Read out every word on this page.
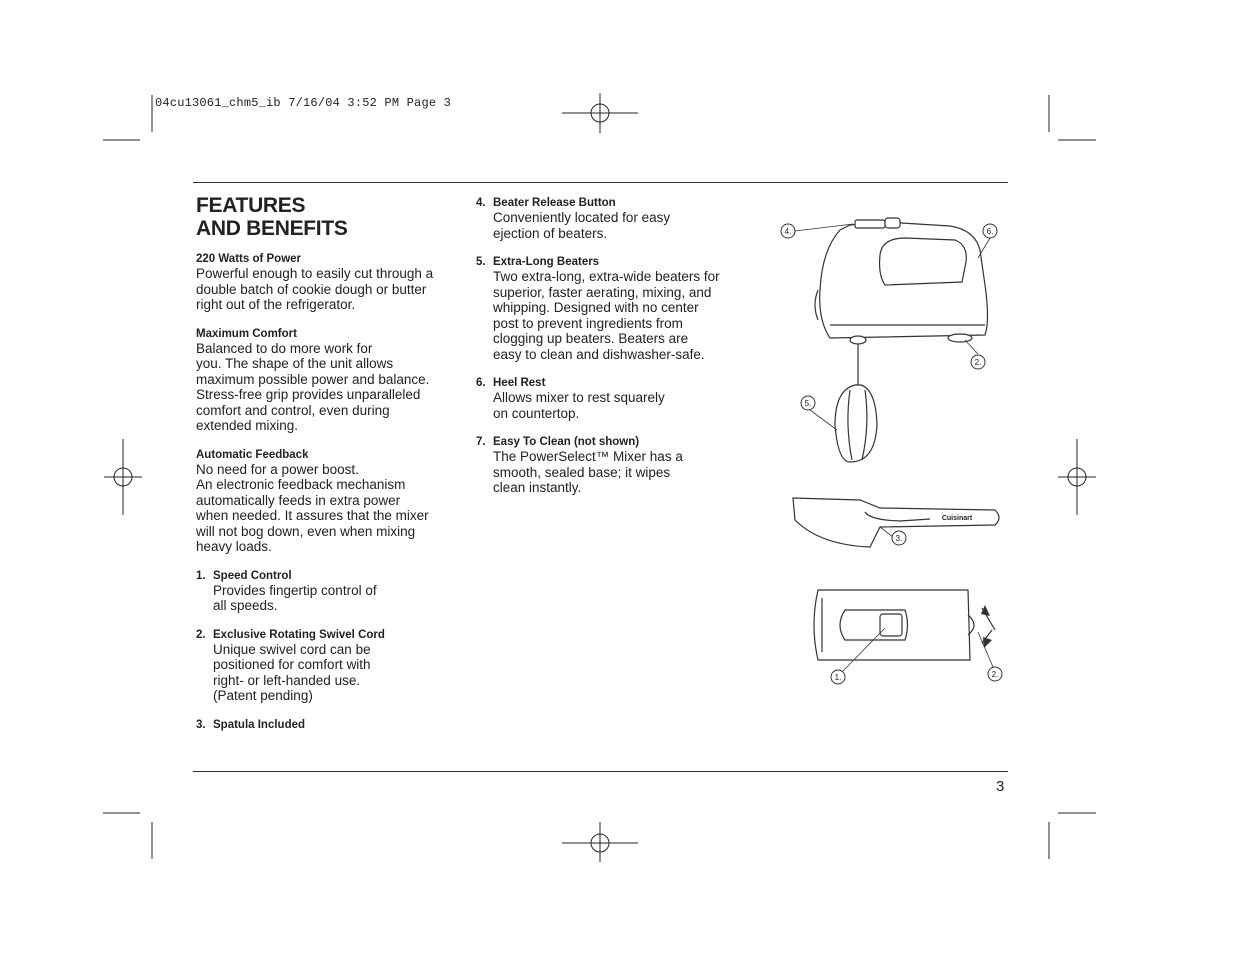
4.	6.
2.
5.
3.
1.	2.
Cuisinart
04cu13061_chm5_ib 7/16/04 3:52 PM Page 3
FEATURES
AND BENEFITS
220 Watts of Power
Powerful enough to easily cut through a
double batch of cookie dough or butter
right out of the refrigerator.
Maximum Comfort
Balanced to do more work for
you. The shape of the unit allows
maximum possible power and balance.
Stress-free grip provides unparalleled
comfort and control, even during
extended mixing.
Automatic Feedback
No need for a power boost.
An electronic feedback mechanism
automatically feeds in extra power
when needed. It assures that the mixer
will not bog down, even when mixing
heavy loads.
1. Speed Control
Provides fingertip control of
all speeds.
2. Exclusive Rotating Swivel Cord
Unique swivel cord can be
positioned for comfort with
right- or left-handed use.
(Patent pending)
3. Spatula Included
4. Beater Release Button
Conveniently located for easy
ejection of beaters.
5. Extra-Long Beaters
Two extra-long, extra-wide beaters for
superior, faster aerating, mixing, and
whipping. Designed with no center
post to prevent ingredients from
clogging up beaters. Beaters are
easy to clean and dishwasher-safe.
6. Heel Rest
Allows mixer to rest squarely
on countertop.
7. Easy To Clean (not shown)
The PowerSelect™ Mixer has a
smooth, sealed base; it wipes
clean instantly.
3
